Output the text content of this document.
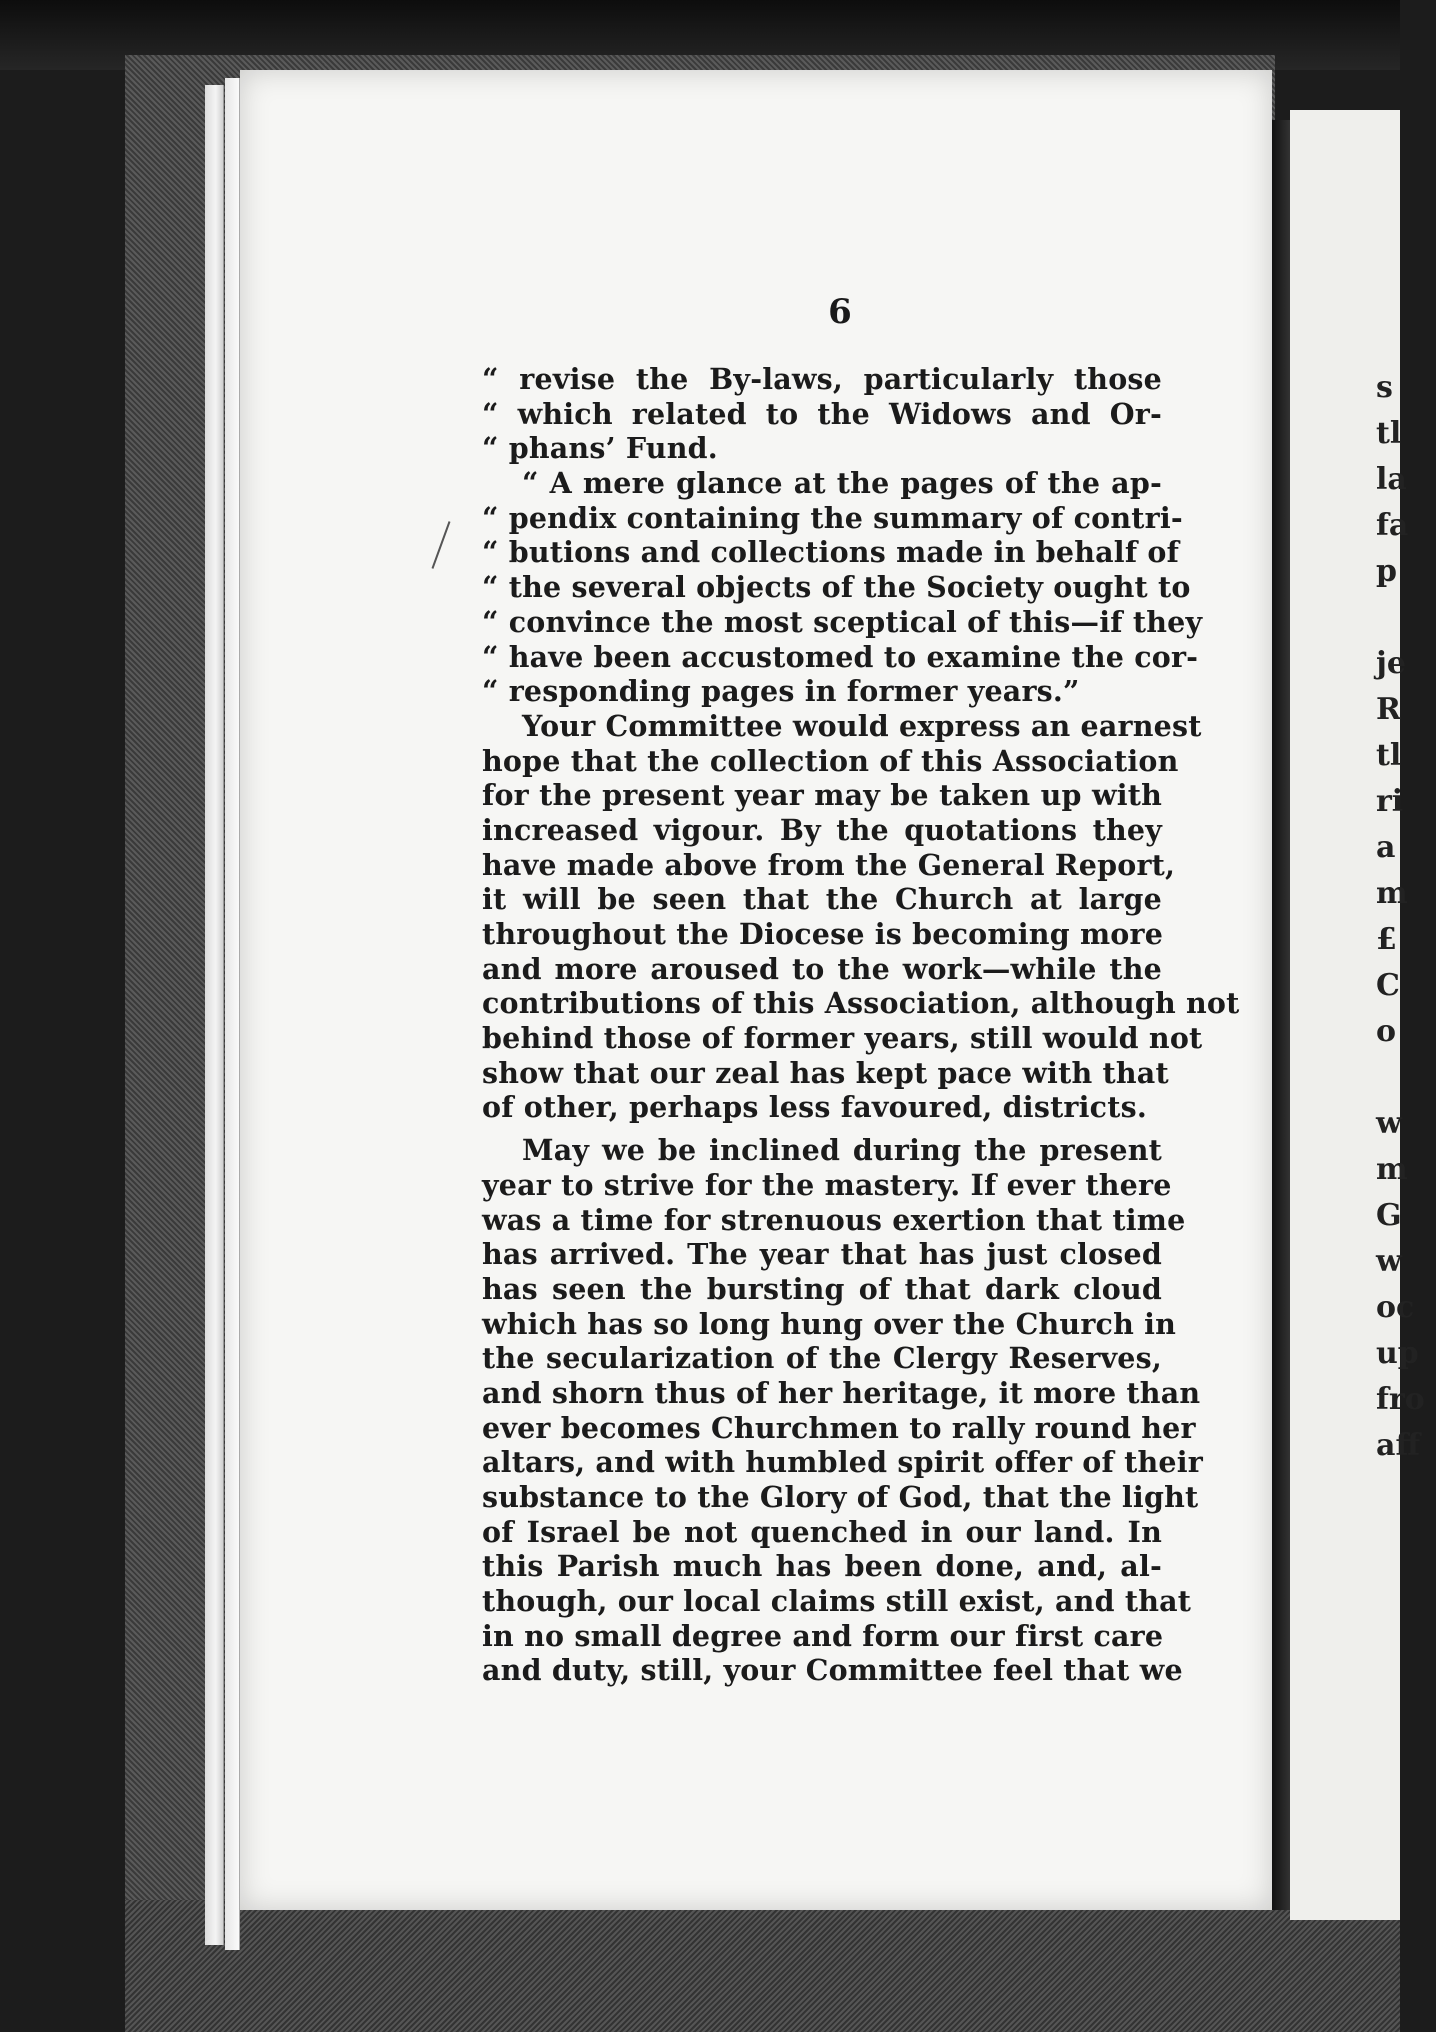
6
“ revise the By-laws, particularly those
“ which related to the Widows and Or-
“ phans’ Fund.
“ A mere glance at the pages of the ap-
“ pendix containing the summary of contri-
“ butions and collections made in behalf of
“ the several objects of the Society ought to
“ convince the most sceptical of this—if they
“ have been accustomed to examine the cor-
“ responding pages in former years.”
Your Committee would express an earnest
hope that the collection of this Association
for the present year may be taken up with
increased vigour. By the quotations they
have made above from the General Report,
it will be seen that the Church at large
throughout the Diocese is becoming more
and more aroused to the work—while the
contributions of this Association, although not
behind those of former years, still would not
show that our zeal has kept pace with that
of other, perhaps less favoured, districts.
May we be inclined during the present
year to strive for the mastery. If ever there
was a time for strenuous exertion that time
has arrived. The year that has just closed
has seen the bursting of that dark cloud
which has so long hung over the Church in
the secularization of the Clergy Reserves,
and shorn thus of her heritage, it more than
ever becomes Churchmen to rally round her
altars, and with humbled spirit offer of their
substance to the Glory of God, that the light
of Israel be not quenched in our land. In
this Parish much has been done, and, al-
though, our local claims still exist, and that
in no small degree and form our first care
and duty, still, your Committee feel that we
s
tl
la
fa
p
je
R
tl
ri
a
m
£
C
o
w
m
G
w
oc
up
fro
aff
